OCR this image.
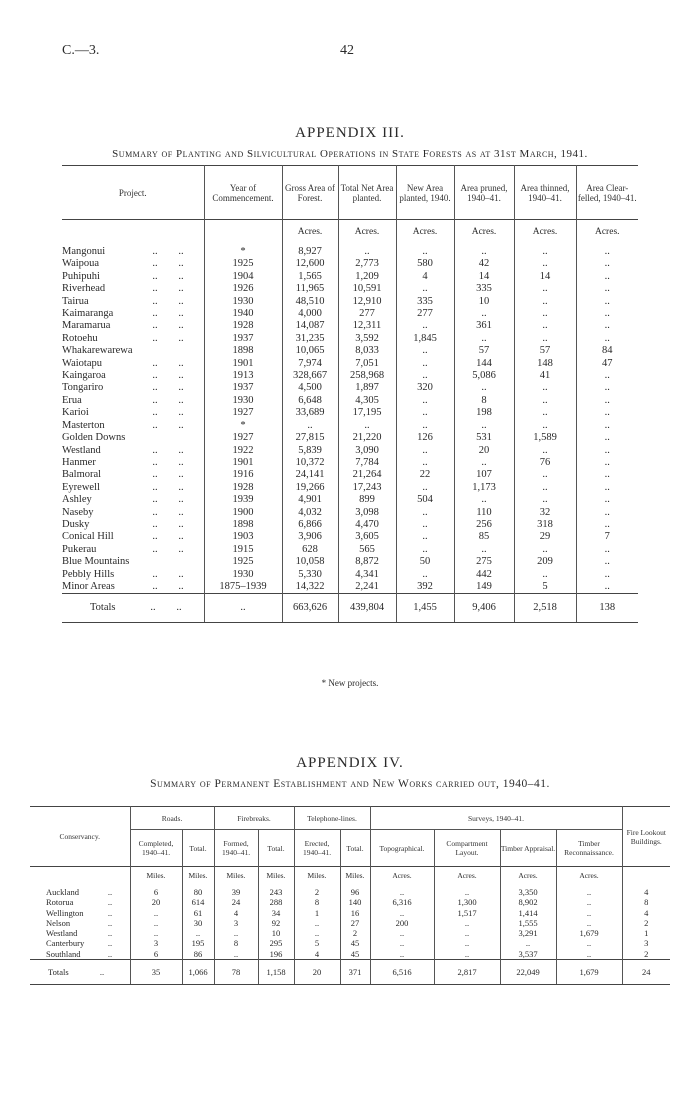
C.—3.	42
APPENDIX III.
Summary of Planting and Silvicultural Operations in State Forests as at 31st March, 1941.
Project.	Year of Commencement.	Gross Area of Forest.	Total Net Area planted.	New Area planted, 1940.	Area pruned, 1940–41.	Area thinned, 1940–41.	Area Clear-felled, 1940–41.
		Acres.	Acres.	Acres.	Acres.	Acres.	Acres.

Mangonui .. ..	*	8,927	..	..	..	..	..
Waipoua .. ..	1925	12,600	2,773	580	42	..	..
Puhipuhi .. ..	1904	1,565	1,209	4	14	14	..
Riverhead .. ..	1926	11,965	10,591	..	335	..	..
Tairua .. ..	1930	48,510	12,910	335	10	..	..
Kaimaranga .. ..	1940	4,000	277	277	..	..	..
Maramarua .. ..	1928	14,087	12,311	..	361	..	..
Rotoehu .. ..	1937	31,235	3,592	1,845	..	..	..
Whakarewarewa	1898	10,065	8,033	..	57	57	84
Waiotapu .. ..	1901	7,974	7,051	..	144	148	47
Kaingaroa .. ..	1913	328,667	258,968	..	5,086	41	..
Tongariro .. ..	1937	4,500	1,897	320	..	..	..
Erua .. ..	1930	6,648	4,305	..	8	..	..
Karioi .. ..	1927	33,689	17,195	..	198	..	..
Masterton .. ..	*	..	..	..	..	..	..
Golden Downs	1927	27,815	21,220	126	531	1,589	..
Westland .. ..	1922	5,839	3,090	..	20	..	..
Hanmer .. ..	1901	10,372	7,784	..	..	76	..
Balmoral .. ..	1916	24,141	21,264	22	107	..	..
Eyrewell .. ..	1928	19,266	17,243	..	1,173	..	..
Ashley .. ..	1939	4,901	899	504	..	..	..
Naseby .. ..	1900	4,032	3,098	..	110	32	..
Dusky .. ..	1898	6,866	4,470	..	256	318	..
Conical Hill .. ..	1903	3,906	3,605	..	85	29	7
Pukerau .. ..	1915	628	565	..	..	..	..
Blue Mountains	1925	10,058	8,872	50	275	209	..
Pebbly Hills .. ..	1930	5,330	4,341	..	442	..	..
Minor Areas .. ..	1875–1939	14,322	2,241	392	149	5	..
Totals .. ..	..	663,626	439,804	1,455	9,406	2,518	138
* New projects.
APPENDIX IV.
Summary of Permanent Establishment and New Works carried out, 1940–41.
Conservancy.	Roads.		Firebreaks.		Telephone-lines.		Surveys, 1940–41.				Fire Lookout Buildings.
	Completed, 1940–41.	Total.	Formed, 1940–41.	Total.	Erected, 1940–41.	Total.	Topographical.	Compartment Layout.	Timber Appraisal.	Timber Reconnaissance.	
	Miles.	Miles.	Miles.	Miles.	Miles.	Miles.	Acres.	Acres.	Acres.	Acres.	

Auckland ..	6	80	39	243	2	96	..	..	3,350	..	4
Rotorua ..	20	614	24	288	8	140	6,316	1,300	8,902	..	8
Wellington ..	..	61	4	34	1	16	..	1,517	1,414	..	4
Nelson ..	..	30	3	92	..	27	200	..	1,555	..	2
Westland ..	..	..	..	10	..	2	..	..	3,291	1,679	1
Canterbury ..	3	195	8	295	5	45	..	..	..	..	3
Southland ..	6	86	..	196	4	45	..	..	3,537	..	2
Totals ..	35	1,066	78	1,158	20	371	6,516	2,817	22,049	1,679	24
